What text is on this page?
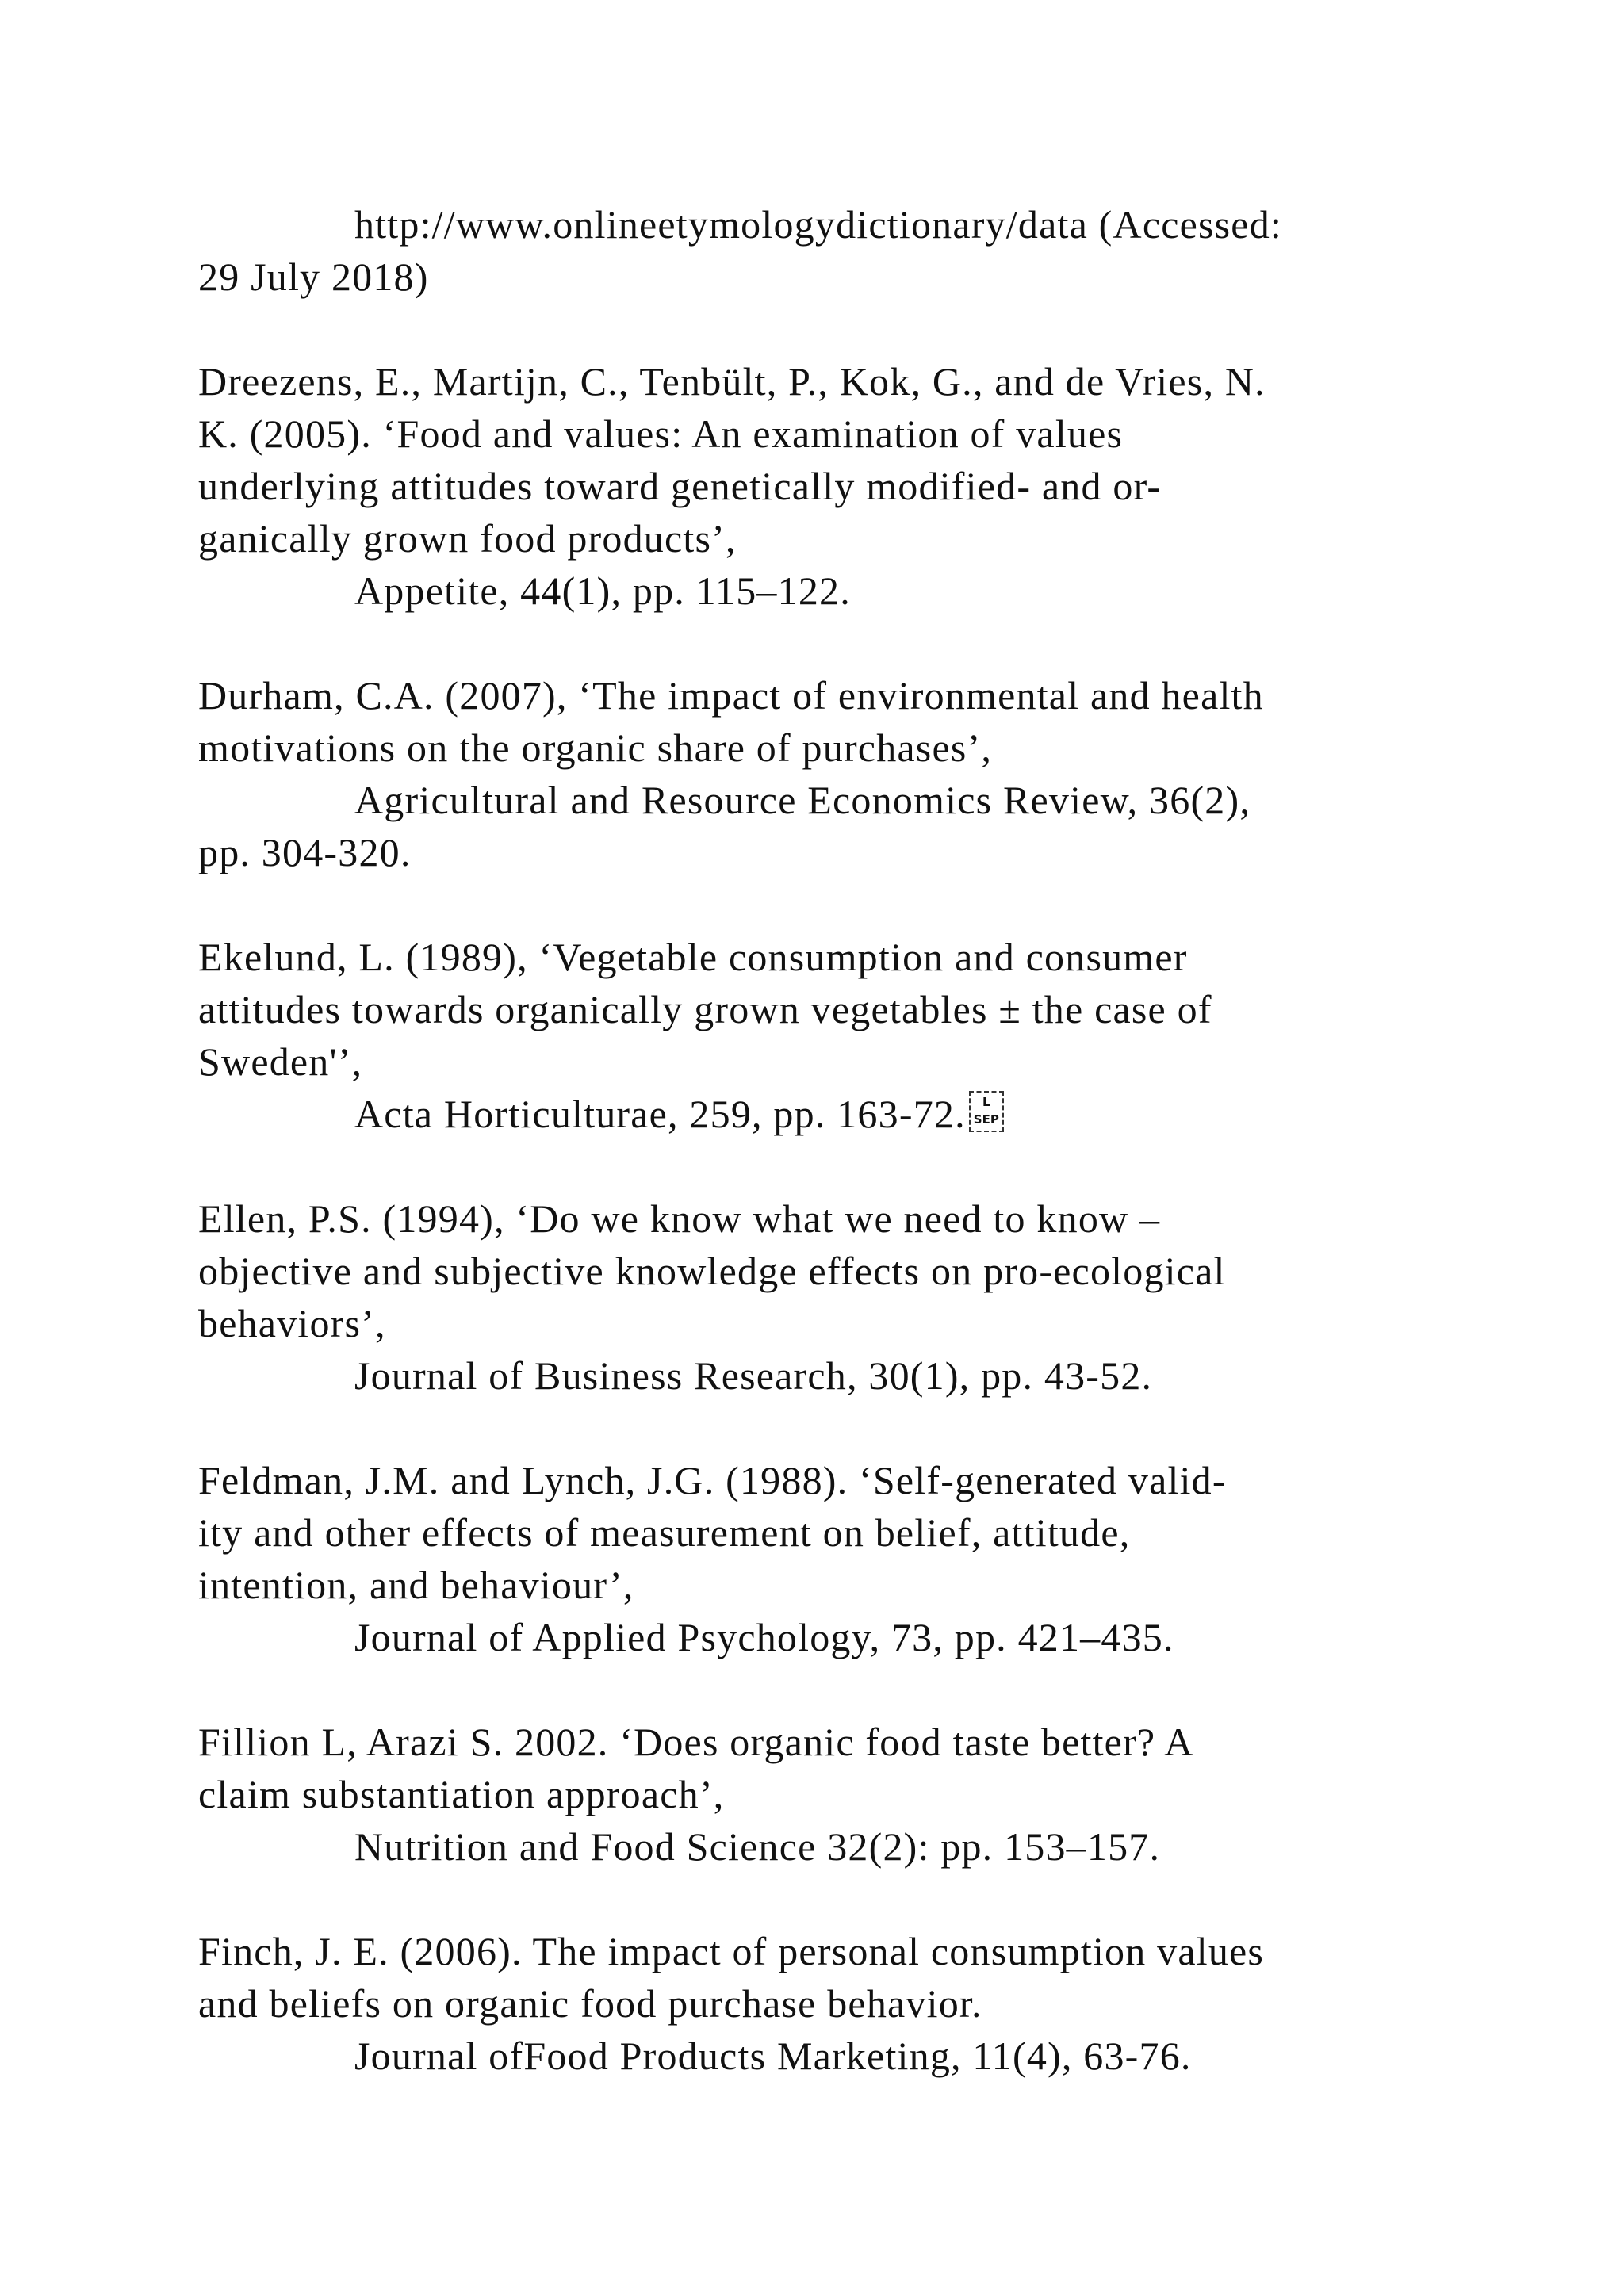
http://www.onlineetymologydictionary/data (Accessed:
29 July 2018)
Dreezens, E., Martijn, C., Tenbült, P., Kok, G., and de Vries, N.
K. (2005). ‘Food and values: An examination of values
underlying attitudes toward genetically modified- and or-
ganically grown food products’,
Appetite, 44(1), pp. 115–122.
Durham, C.A. (2007), ‘The impact of environmental and health
motivations on the organic share of purchases’,
Agricultural and Resource Economics Review, 36(2),
pp. 304-320.
Ekelund, L. (1989), ‘Vegetable consumption and consumer
attitudes towards organically grown vegetables ± the case of
Sweden'’,
Acta Horticulturae, 259, pp. 163-72.	L
SEP
Ellen, P.S. (1994), ‘Do we know what we need to know –
objective and subjective knowledge effects on pro-ecological
behaviors’,
Journal of Business Research, 30(1), pp. 43-52.
Feldman, J.M. and Lynch, J.G. (1988). ‘Self-generated valid-
ity and other effects of measurement on belief, attitude,
intention, and behaviour’,
Journal of Applied Psychology, 73, pp. 421–435.
Fillion L, Arazi S. 2002. ‘Does organic food taste better? A
claim substantiation approach’,
Nutrition and Food Science 32(2): pp. 153–157.
Finch, J. E. (2006). The impact of personal consumption values
and beliefs on organic food purchase behavior.
Journal ofFood Products Marketing, 11(4), 63-76.
